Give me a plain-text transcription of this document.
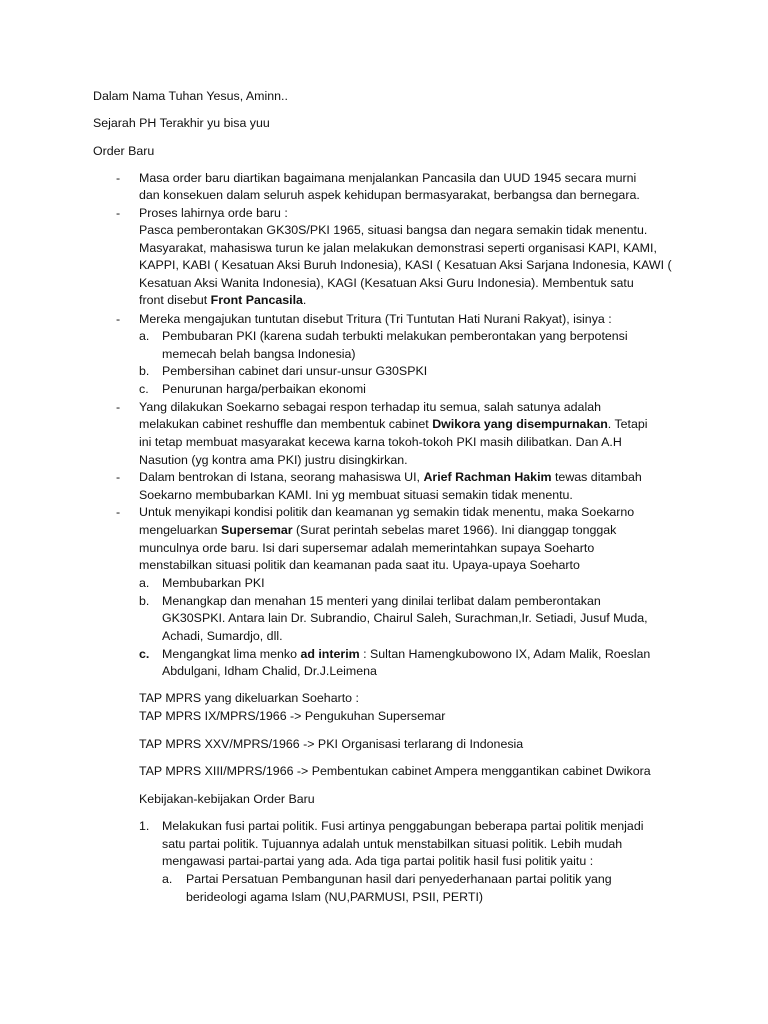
Dalam Nama Tuhan Yesus, Aminn..
Sejarah PH Terakhir yu bisa yuu
Order Baru
- Masa order baru diartikan bagaimana menjalankan Pancasila dan UUD 1945 secara murni
dan konsekuen dalam seluruh aspek kehidupan bermasyarakat, berbangsa dan bernegara.
- Proses lahirnya orde baru :
Pasca pemberontakan GK30S/PKI 1965, situasi bangsa dan negara semakin tidak menentu.
Masyarakat, mahasiswa turun ke jalan melakukan demonstrasi seperti organisasi KAPI, KAMI,
KAPPI, KABI ( Kesatuan Aksi Buruh Indonesia), KASI ( Kesatuan Aksi Sarjana Indonesia, KAWI (
Kesatuan Aksi Wanita Indonesia), KAGI (Kesatuan Aksi Guru Indonesia). Membentuk satu
front disebut Front Pancasila.
- Mereka mengajukan tuntutan disebut Tritura (Tri Tuntutan Hati Nurani Rakyat), isinya :
a. Pembubaran PKI (karena sudah terbukti melakukan pemberontakan yang berpotensi
memecah belah bangsa Indonesia)
b. Pembersihan cabinet dari unsur-unsur G30SPKI
c. Penurunan harga/perbaikan ekonomi
- Yang dilakukan Soekarno sebagai respon terhadap itu semua, salah satunya adalah
melakukan cabinet reshuffle dan membentuk cabinet Dwikora yang disempurnakan. Tetapi
ini tetap membuat masyarakat kecewa karna tokoh-tokoh PKI masih dilibatkan. Dan A.H
Nasution (yg kontra ama PKI) justru disingkirkan.
- Dalam bentrokan di Istana, seorang mahasiswa UI, Arief Rachman Hakim tewas ditambah
Soekarno membubarkan KAMI. Ini yg membuat situasi semakin tidak menentu.
- Untuk menyikapi kondisi politik dan keamanan yg semakin tidak menentu, maka Soekarno
mengeluarkan Supersemar (Surat perintah sebelas maret 1966). Ini dianggap tonggak
munculnya orde baru. Isi dari supersemar adalah memerintahkan supaya Soeharto
menstabilkan situasi politik dan keamanan pada saat itu. Upaya-upaya Soeharto
a. Membubarkan PKI
b. Menangkap dan menahan 15 menteri yang dinilai terlibat dalam pemberontakan
GK30SPKI. Antara lain Dr. Subrandio, Chairul Saleh, Surachman,Ir. Setiadi, Jusuf Muda,
Achadi, Sumardjo, dll.
c. Mengangkat lima menko ad interim : Sultan Hamengkubowono IX, Adam Malik, Roeslan
Abdulgani, Idham Chalid, Dr.J.Leimena
TAP MPRS yang dikeluarkan Soeharto :
TAP MPRS IX/MPRS/1966 -> Pengukuhan Supersemar
TAP MPRS XXV/MPRS/1966 -> PKI Organisasi terlarang di Indonesia
TAP MPRS XIII/MPRS/1966 -> Pembentukan cabinet Ampera menggantikan cabinet Dwikora
Kebijakan-kebijakan Order Baru
1. Melakukan fusi partai politik. Fusi artinya penggabungan beberapa partai politik menjadi
satu partai politik. Tujuannya adalah untuk menstabilkan situasi politik. Lebih mudah
mengawasi partai-partai yang ada. Ada tiga partai politik hasil fusi politik yaitu :
a. Partai Persatuan Pembangunan hasil dari penyederhanaan partai politik yang
berideologi agama Islam (NU,PARMUSI, PSII, PERTI)
